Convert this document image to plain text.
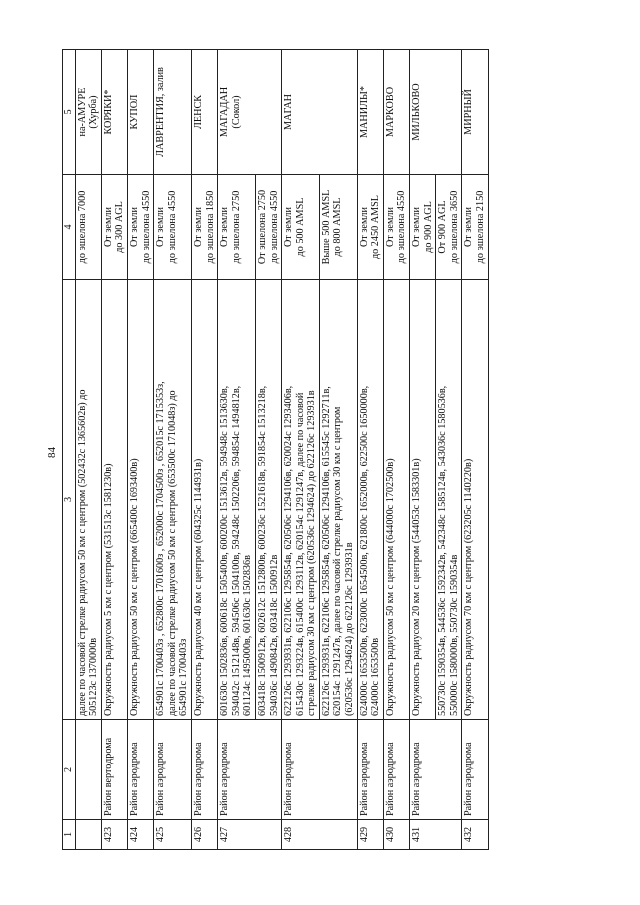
84
1	2	3	4	5

		далее по часовой стрелке радиусом 50 км с центром (502432с 1365602в) до 505123с 1370000в	до эшелона 7000	на-АМУРЕ (Хурба)

423	Район вертодрома	Окружность радиусом 5 км с центром (531513с 1581230в)	От земли до 300 AGL	КОРЯКИ*

424	Район аэродрома	Окружность радиусом 50 км с центром (665400с 1693400в)	От земли до эшелона 4550	КУПОЛ

425	Район аэродрома	654901с 1700403з , 652800с 1701600з , 652000с 1704500з , 652015с 1715353з, далее по часовой стрелке радиусом 50 км с центром (653500с 1710048з) до 654901с 1700403з	От земли до эшелона 4550	ЛАВРЕНТИЯ, залив

426	Район аэродрома	Окружность радиусом 40 км с центром (604325с 1144931в)	От земли до эшелона 1850	ЛЕНСК

427	Район аэродрома	601630с 1502836в, 600618с 1505400в, 600200с 1513612в, 594948с 1513630в, 594042с 1512148в, 594506с 1504100в, 594248с 1502206в, 594854с 1494812в, 601124с 1495000в, 601630с 1502836в	От земли до эшелона 2750	МАГАДАН (Сокол)

		603418с 1500912в, 602612с 1512800в, 600236с 1521618в, 591854с 1513218в, 594036с 1490842в, 603418с 1500912в	От эшелона 2750 до эшелона 4550	

428	Район аэродрома	622126с 1293931в, 622106с 1295854в, 620506с 1294106в, 620024с 1293406в, 615430с 1293224в, 615400с 1293112в, 620154с 1291247в, далее по часовой стрелке радиусом 30 км с центром (620536с 1294624) до 622126с 1293931в	От земли до 500 AMSL	МАГАН

		622126с 1293931в, 622106с 1295854в, 620506с 1294106в, 615545с 1292711в, 620154с 1291247в, далее по часовой стрелке радиусом 30 км с центром (620536с 1294624) до 622126с 1293931в	Выше 500 AMSL до 800 AMSL	

429	Район аэродрома	624000с 1653500в, 623000с 1654500в, 621800с 1652000в, 622500с 1650000в, 624000с 1653500в	От земли до 2450 AMSL	МАНИЛЫ*

430	Район аэродрома	Окружность радиусом 50 км с центром (644000с 1702500в)	От земли до эшелона 4550	МАРКОВО

431	Район аэродрома	Окружность радиусом 20 км с центром (544053с 1583301в)	От земли до 900 AGL	МИЛЬКОВО

		550730с 1590354в, 544536с 1592342в, 542348с 1585124в, 543036с 1580536в, 550000с 1580000в, 550730с 1590354в	От 900 AGL до эшелона 3650	

432	Район аэродрома	Окружность радиусом 70 км с центром (623205с 1140220в)	От земли до эшелона 2150	МИРНЫЙ
